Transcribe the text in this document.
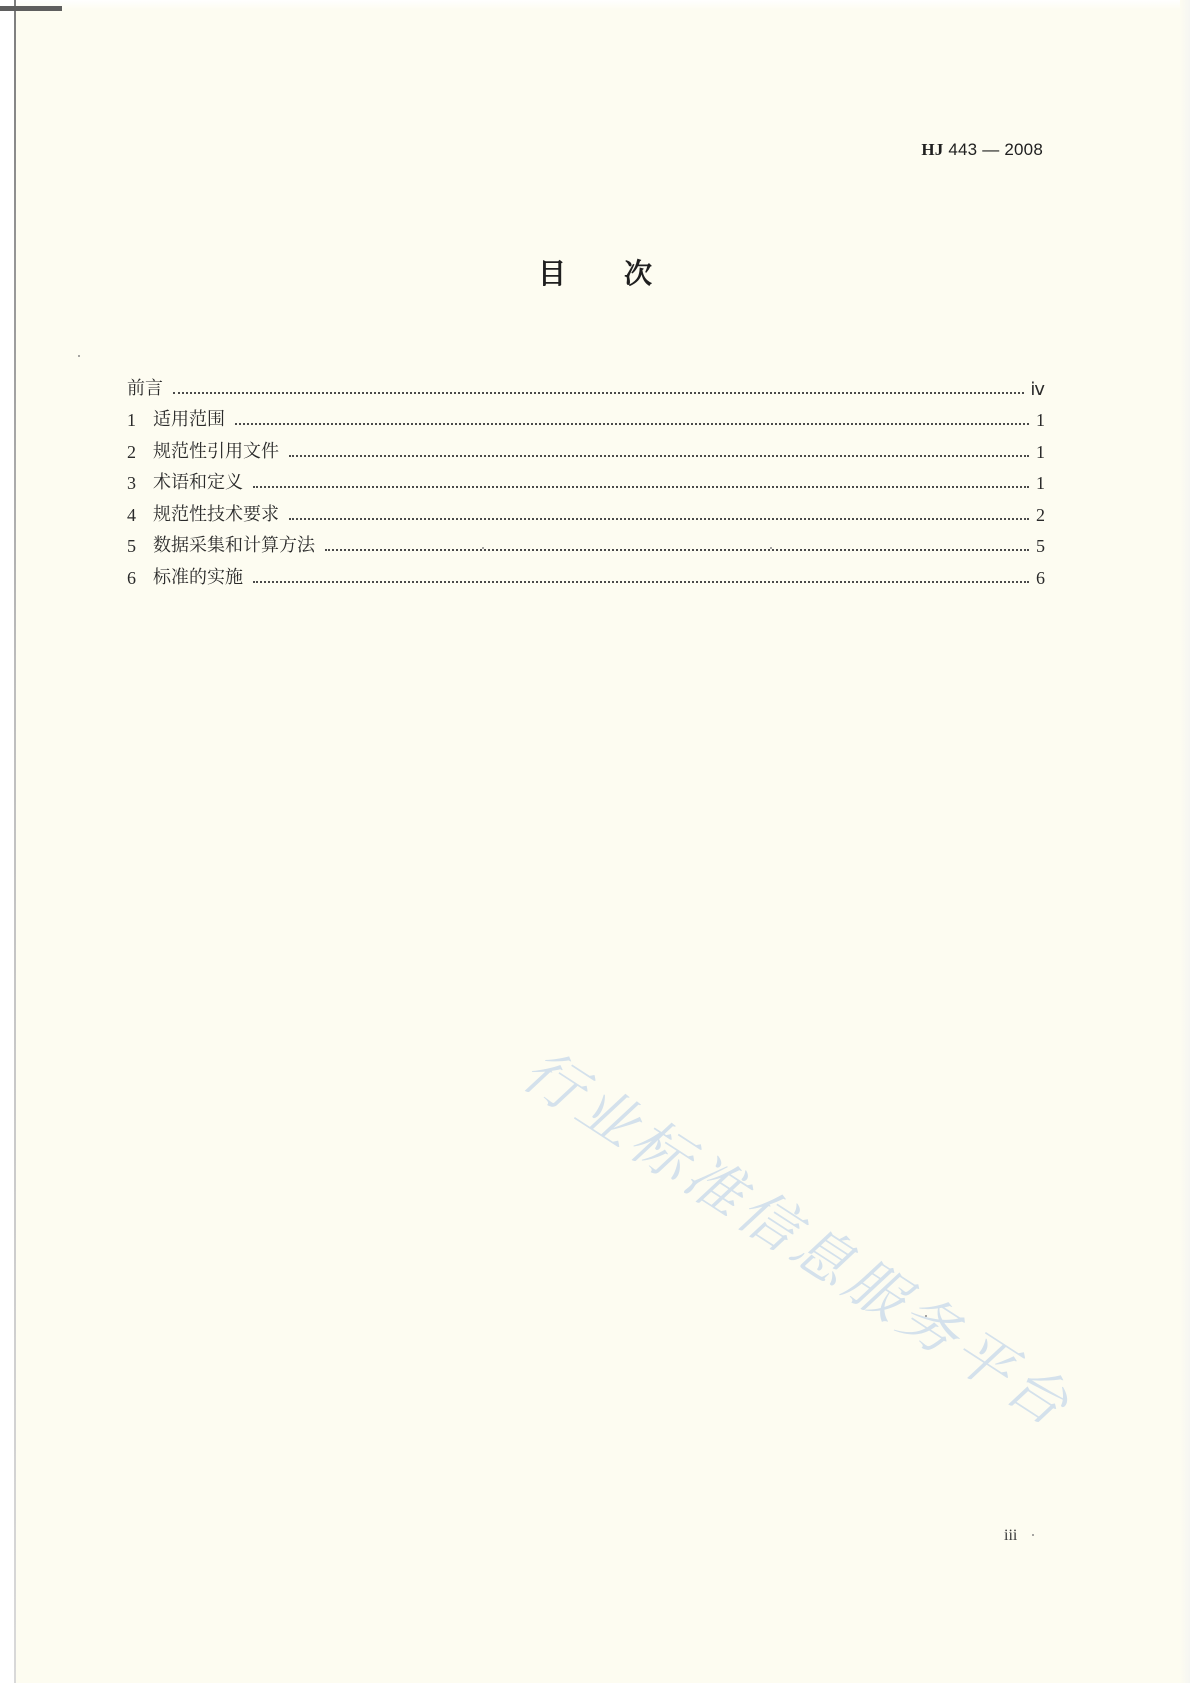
HJ 443 — 2008
目次
前言	ⅳ
1 适用范围	1
2 规范性引用文件	1
3 术语和定义	1
4 规范性技术要求	2
5 数据采集和计算方法	5
6 标准的实施	6
行业标准信息服务平台
iii
